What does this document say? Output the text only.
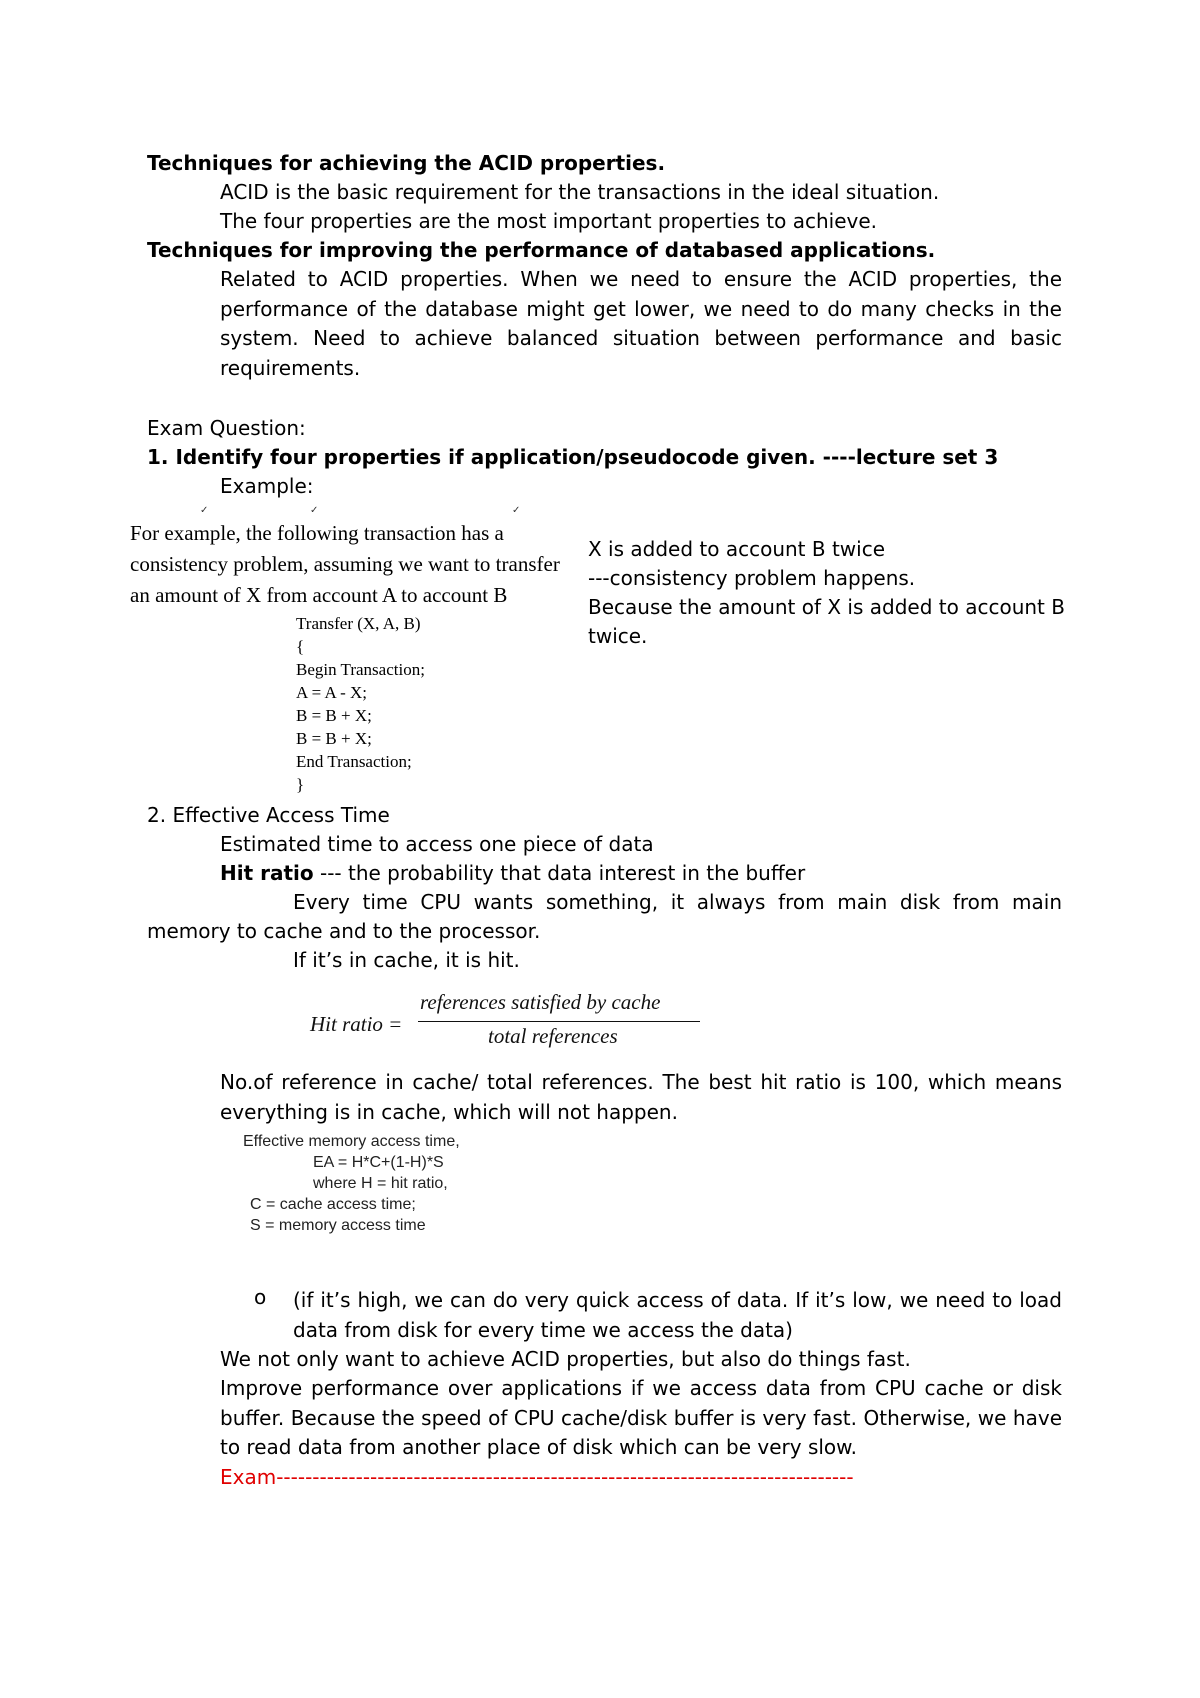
Techniques for achieving the ACID properties.
ACID is the basic requirement for the transactions in the ideal situation.
The four properties are the most important properties to achieve.
Techniques for improving the performance of databased applications.
Related to ACID properties. When we need to ensure the ACID properties, the performance of the database might get lower, we need to do many checks in the system. Need to achieve balanced situation between performance and basic requirements.
Exam Question:
1. Identify four properties if application/pseudocode given. ----lecture set 3
Example:
✓	✓	✓
For example, the following transaction has a consistency problem, assuming we want to transfer an amount of X from account A to account B
Transfer (X, A, B)
{
Begin Transaction;
A = A - X;
B = B + X;
B = B + X;
End Transaction;
}
X is added to account B twice
---consistency problem happens.
Because the amount of X is added to account B
twice.
2. Effective Access Time
Estimated time to access one piece of data
Hit ratio --- the probability that data interest in the buffer
Every time CPU wants something, it always from main disk from main
memory to cache and to the processor.
If it’s in cache, it is hit.
Hit ratio =
references satisfied by cache
total references
No.of reference in cache/ total references. The best hit ratio is 100, which means everything is in cache, which will not happen.
Effective memory access time,
EA = H*C+(1-H)*S
where H = hit ratio,
C = cache access time;
S = memory access time
o (if it’s high, we can do very quick access of data. If it’s low, we need to load data from disk for every time we access the data)
We not only want to achieve ACID properties, but also do things fast.
Improve performance over applications if we access data from CPU cache or disk buffer. Because the speed of CPU cache/disk buffer is very fast. Otherwise, we have to read data from another place of disk which can be very slow.
Exam--------------------------------------------------------------------------------
